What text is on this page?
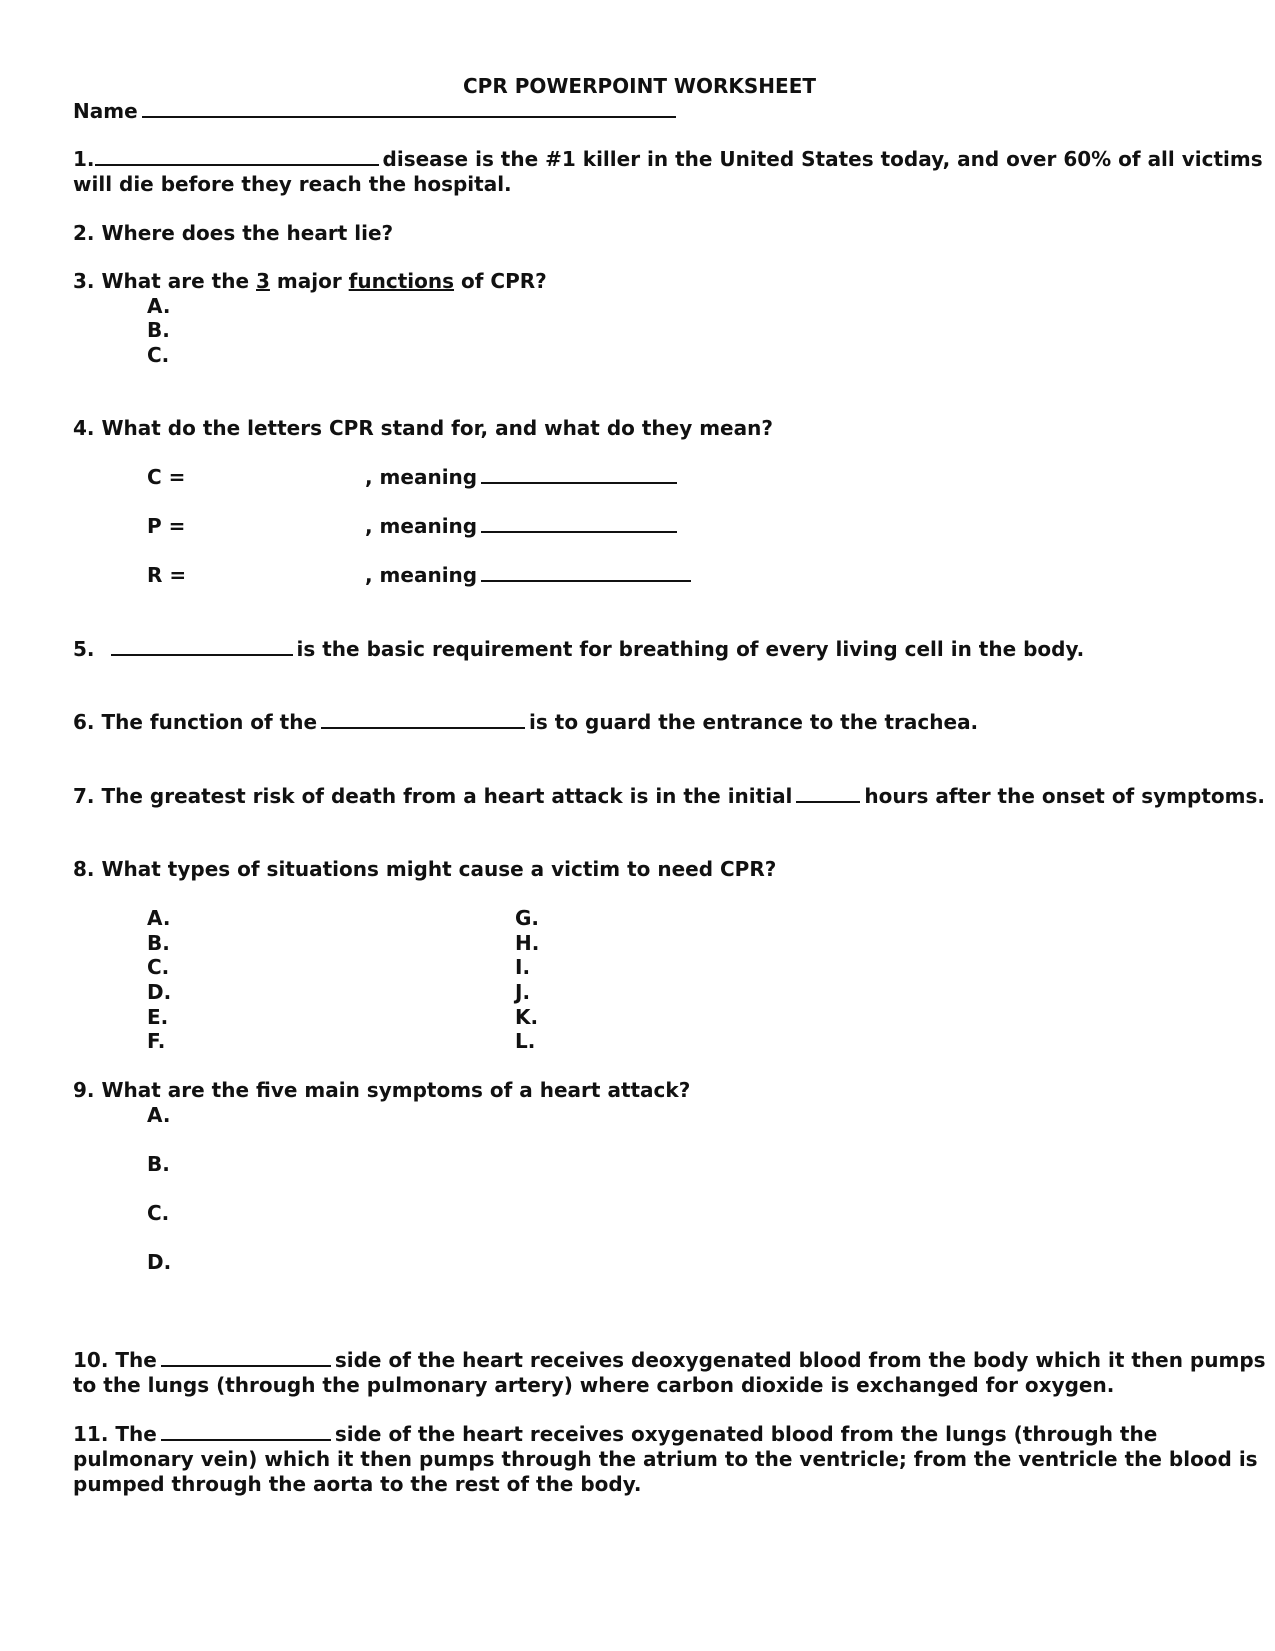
CPR POWERPOINT WORKSHEET
Name
1.	disease is the #1 killer in the United States today, and over 60% of all victims
will die before they reach the hospital.
2. Where does the heart lie?
3. What are the 3 major functions of CPR?
A.
B.
C.
4. What do the letters CPR stand for, and what do they mean?
C =	, meaning
P =	, meaning
R =	, meaning
5.	is the basic requirement for breathing of every living cell in the body.
6. The function of the	is to guard the entrance to the trachea.
7. The greatest risk of death from a heart attack is in the initial	hours after the onset of symptoms.
8. What types of situations might cause a victim to need CPR?
A.
B.
C.
D.
E.
F.
G.
H.
I.
J.
K.
L.
9. What are the five main symptoms of a heart attack?
A.
B.
C.
D.
10. The	side of the heart receives deoxygenated blood from the body which it then pumps
to the lungs (through the pulmonary artery) where carbon dioxide is exchanged for oxygen.
11. The	side of the heart receives oxygenated blood from the lungs (through the
pulmonary vein) which it then pumps through the atrium to the ventricle; from the ventricle the blood is
pumped through the aorta to the rest of the body.
